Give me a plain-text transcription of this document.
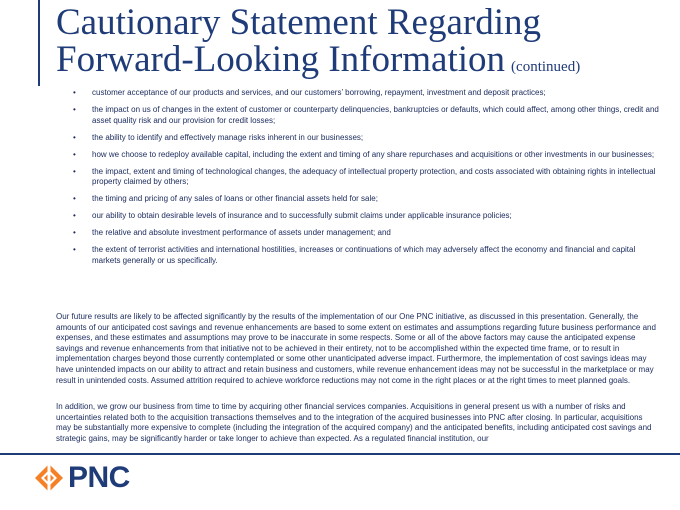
Cautionary Statement Regarding
Forward-Looking Information (continued)
• customer acceptance of our products and services, and our customers’ borrowing, repayment, investment and deposit practices;
• the impact on us of changes in the extent of customer or counterparty delinquencies, bankruptcies or defaults, which could affect, among other things, credit and asset quality risk and our provision for credit losses;
• the ability to identify and effectively manage risks inherent in our businesses;
• how we choose to redeploy available capital, including the extent and timing of any share repurchases and acquisitions or other investments in our businesses;
• the impact, extent and timing of technological changes, the adequacy of intellectual property protection, and costs associated with obtaining rights in intellectual property claimed by others;
• the timing and pricing of any sales of loans or other financial assets held for sale;
• our ability to obtain desirable levels of insurance and to successfully submit claims under applicable insurance policies;
• the relative and absolute investment performance of assets under management; and
• the extent of terrorist activities and international hostilities, increases or continuations of which may adversely affect the economy and financial and capital markets generally or us specifically.

Our future results are likely to be affected significantly by the results of the implementation of our One PNC initiative, as discussed in this presentation. Generally, the amounts of our anticipated cost savings and revenue enhancements are based to some extent on estimates and assumptions regarding future business performance and expenses, and these estimates and assumptions may prove to be inaccurate in some respects. Some or all of the above factors may cause the anticipated expense savings and revenue enhancements from that initiative not to be achieved in their entirety, not to be accomplished within the expected time frame, or to result in implementation charges beyond those currently contemplated or some other unanticipated adverse impact. Furthermore, the implementation of cost savings ideas may have unintended impacts on our ability to attract and retain business and customers, while revenue enhancement ideas may not be successful in the marketplace or may result in unintended costs. Assumed attrition required to achieve workforce reductions may not come in the right places or at the right times to meet planned goals.

In addition, we grow our business from time to time by acquiring other financial services companies. Acquisitions in general present us with a number of risks and uncertainties related both to the acquisition transactions themselves and to the integration of the acquired businesses into PNC after closing. In particular, acquisitions may be substantially more expensive to complete (including the integration of the acquired company) and the anticipated benefits, including anticipated cost savings and strategic gains, may be significantly harder or take longer to achieve than expected. As a regulated financial institution, our

PNC
